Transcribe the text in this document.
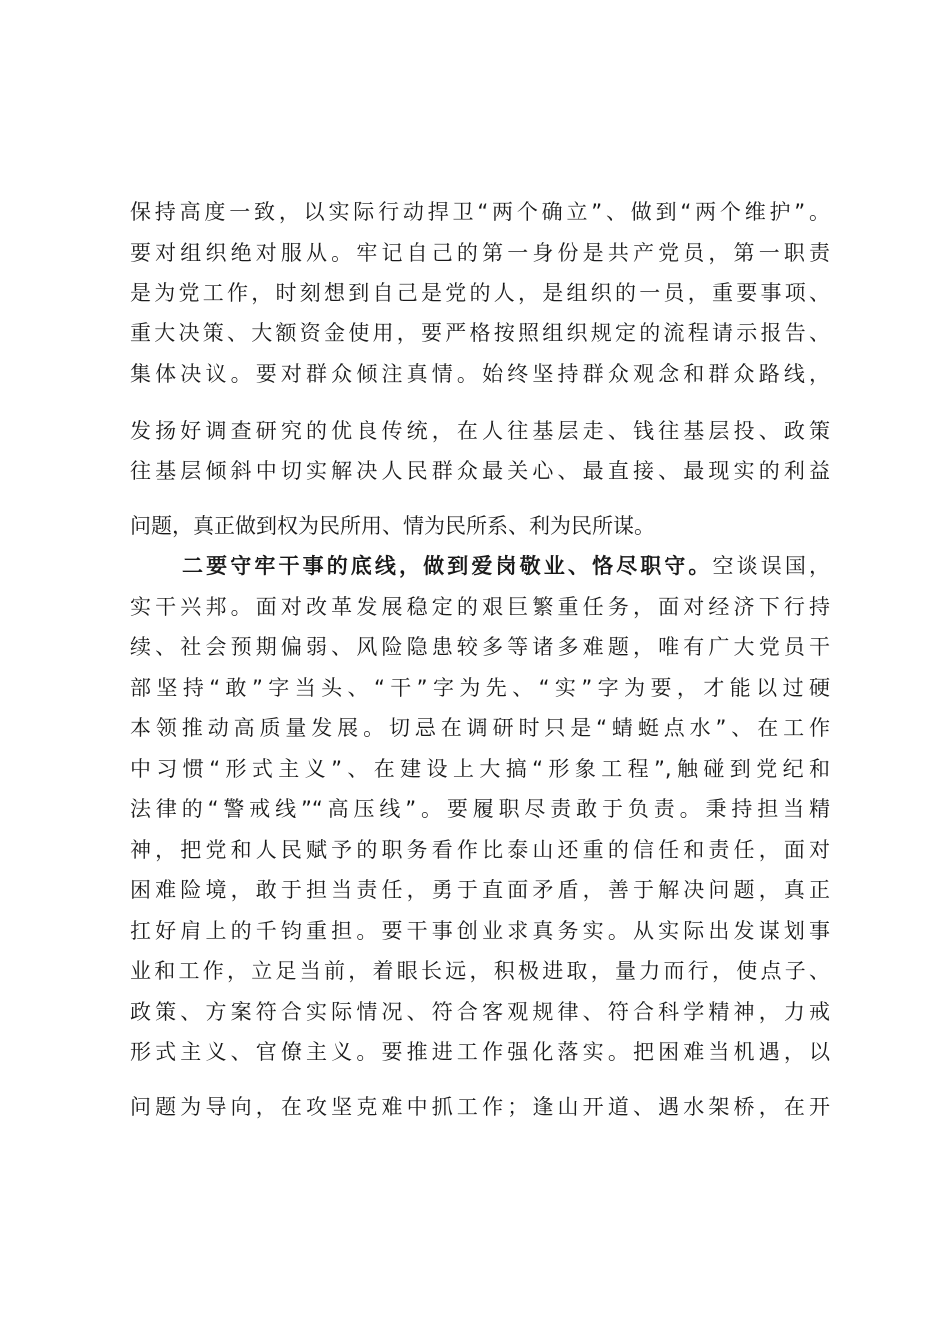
保持高度一致，以实际行动捍卫“两个确立”、做到“两个维护”。
要对组织绝对服从。牢记自己的第一身份是共产党员，第一职责
是为党工作，时刻想到自己是党的人，是组织的一员，重要事项、
重大决策、大额资金使用，要严格按照组织规定的流程请示报告、
集体决议。要对群众倾注真情。始终坚持群众观念和群众路线，
发扬好调查研究的优良传统，在人往基层走、钱往基层投、政策
往基层倾斜中切实解决人民群众最关心、最直接、最现实的利益
问题，真正做到权为民所用、情为民所系、利为民所谋。
二要守牢干事的底线，做到爱岗敬业、恪尽职守。空谈误国，
实干兴邦。面对改革发展稳定的艰巨繁重任务，面对经济下行持
续、社会预期偏弱、风险隐患较多等诸多难题，唯有广大党员干
部坚持“敢”字当头、“干”字为先、“实”字为要，才能以过硬
本领推动高质量发展。切忌在调研时只是“蜻蜓点水”、在工作
中习惯“形式主义”、在建设上大搞“形象工程”,触碰到党纪和
法律的“警戒线”“高压线”。要履职尽责敢于负责。秉持担当精
神，把党和人民赋予的职务看作比泰山还重的信任和责任，面对
困难险境，敢于担当责任，勇于直面矛盾，善于解决问题，真正
扛好肩上的千钧重担。要干事创业求真务实。从实际出发谋划事
业和工作，立足当前，着眼长远，积极进取，量力而行，使点子、
政策、方案符合实际情况、符合客观规律、符合科学精神，力戒
形式主义、官僚主义。要推进工作强化落实。把困难当机遇，以
问题为导向，在攻坚克难中抓工作；逢山开道、遇水架桥，在开
